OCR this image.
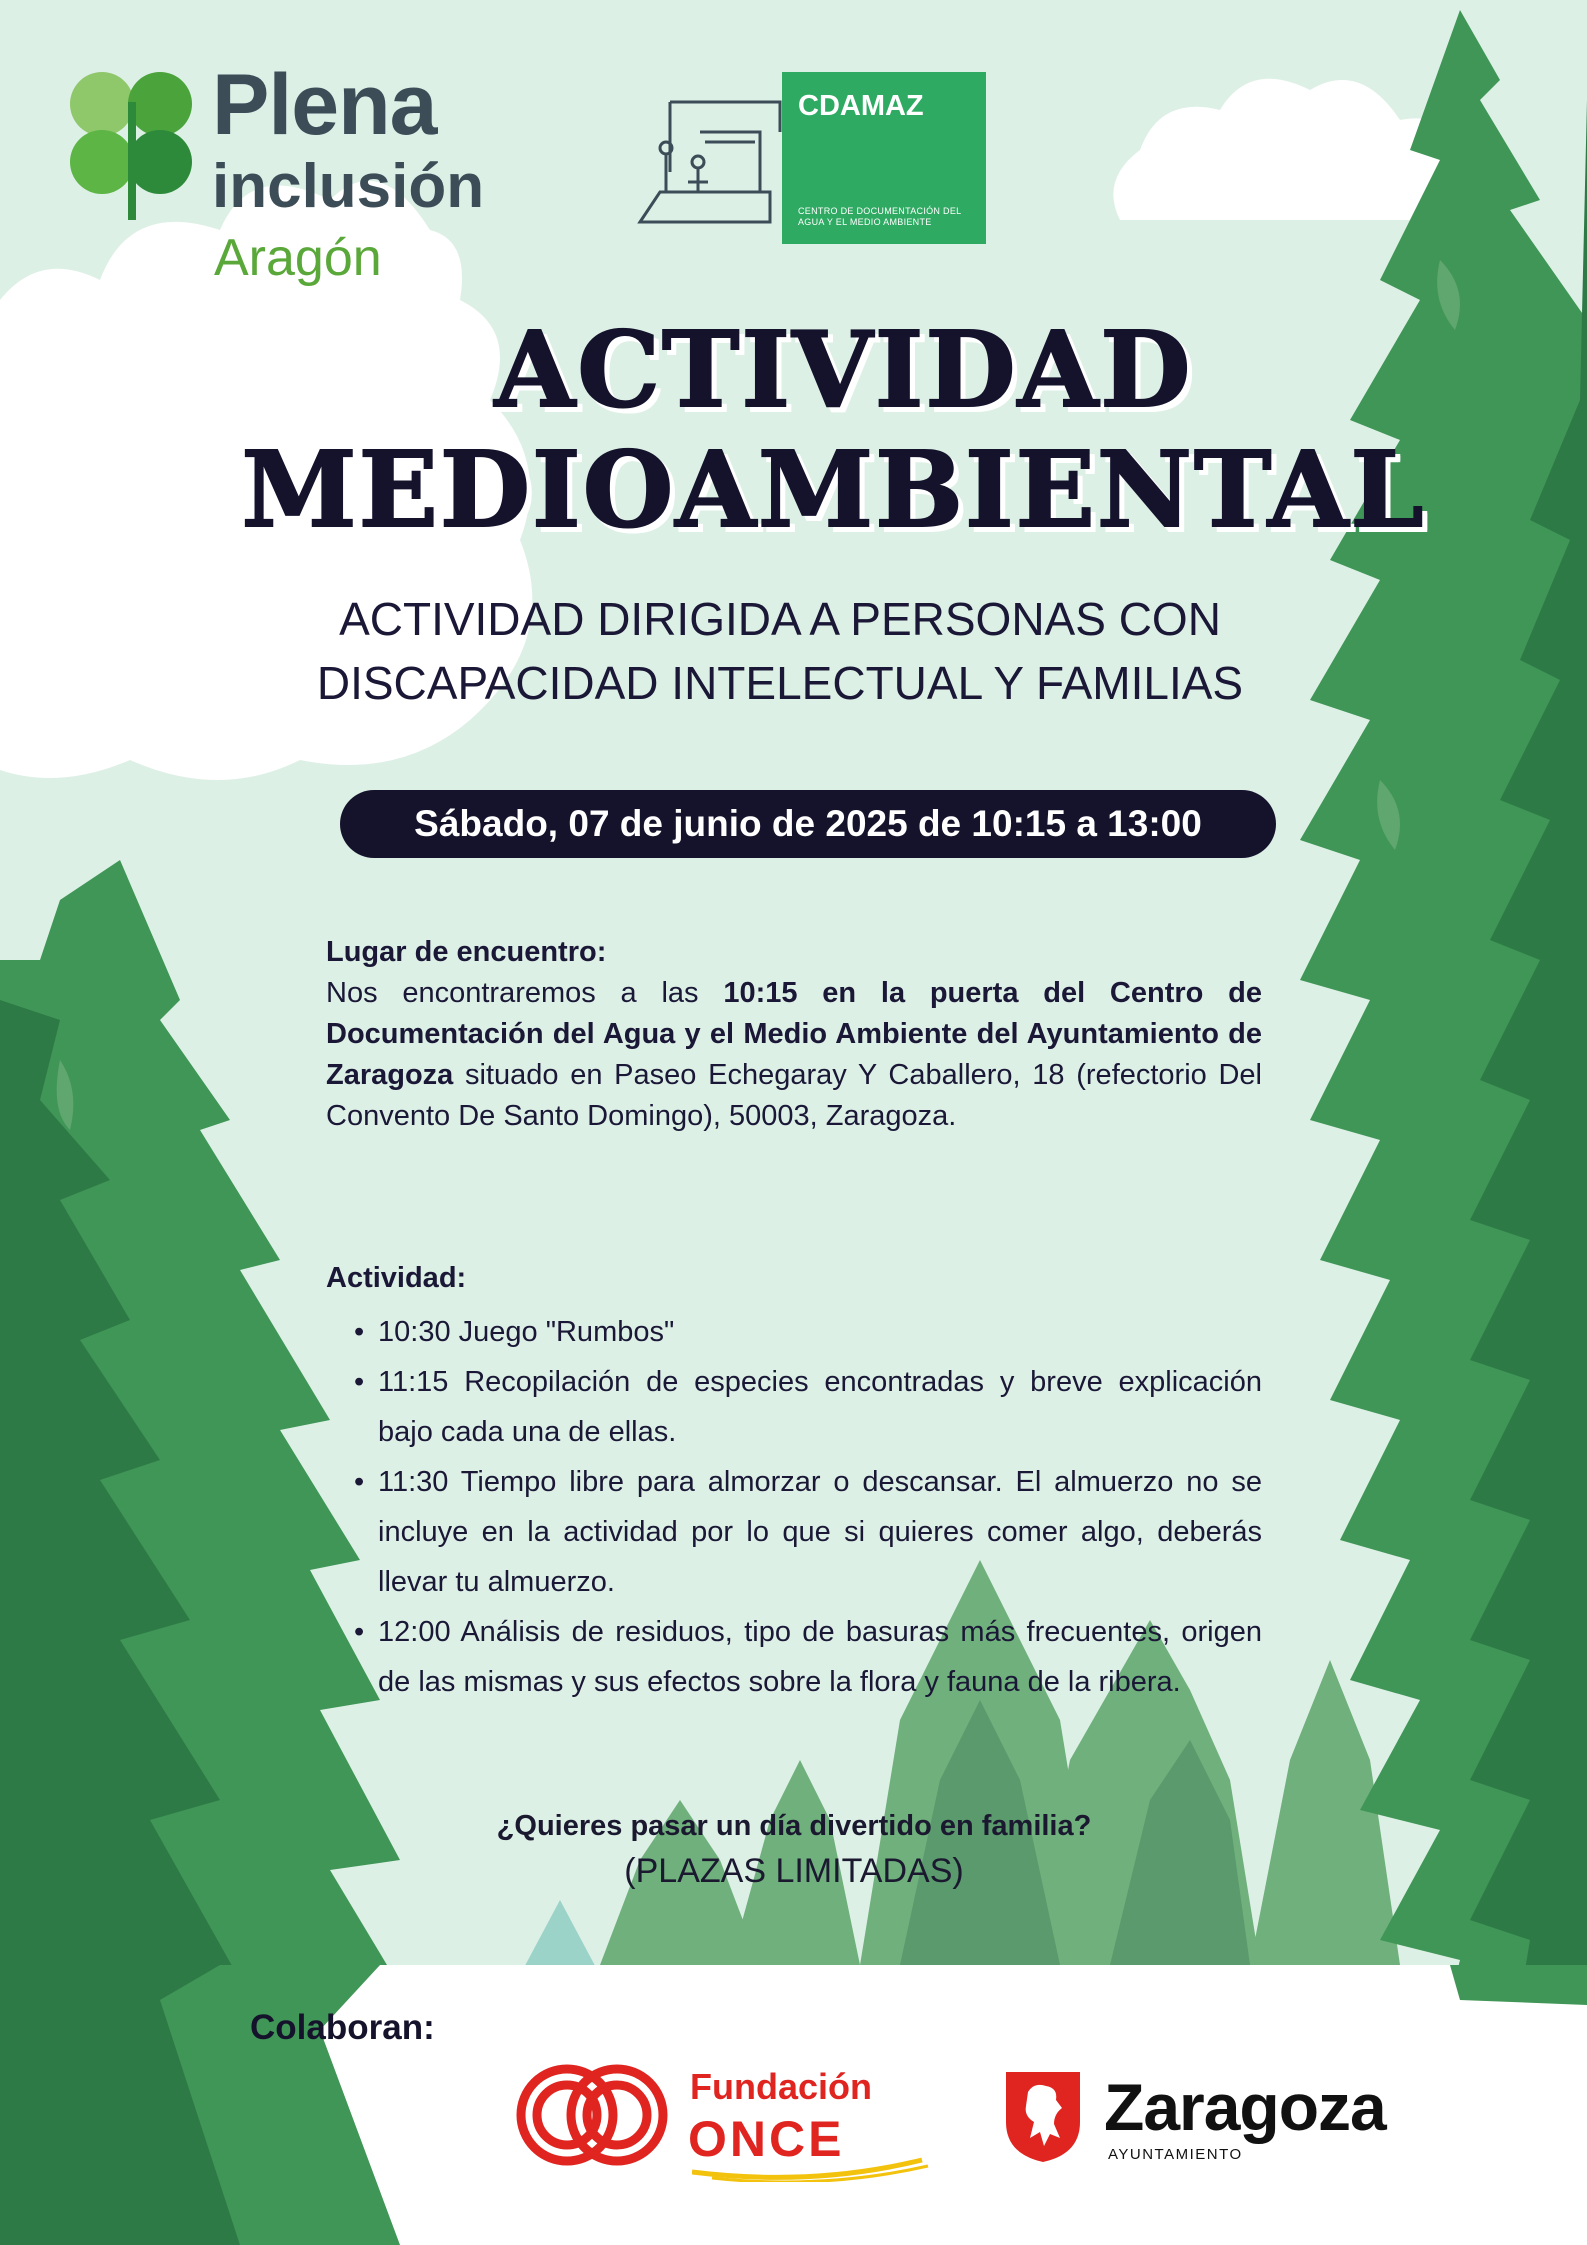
Plena
inclusión
Aragón
CDAMAZ
CENTRO DE DOCUMENTACIÓN DEL AGUA Y EL MEDIO AMBIENTE
ACTIVIDAD
MEDIOAMBIENTAL
ACTIVIDAD DIRIGIDA A PERSONAS CON
DISCAPACIDAD INTELECTUAL Y FAMILIAS
Sábado, 07 de junio de 2025 de 10:15 a 13:00
Lugar de encuentro:
Nos encontraremos a las 10:15 en la puerta del Centro de Documentación del Agua y el Medio Ambiente del Ayuntamiento de Zaragoza situado en Paseo Echegaray Y Caballero, 18 (refectorio Del Convento De Santo Domingo), 50003, Zaragoza.
Actividad:
• 10:30 Juego "Rumbos"
• 11:15 Recopilación de especies encontradas y breve explicación bajo cada una de ellas.
• 11:30 Tiempo libre para almorzar o descansar. El almuerzo no se incluye en la actividad por lo que si quieres comer algo, deberás llevar tu almuerzo.
• 12:00 Análisis de residuos, tipo de basuras más frecuentes, origen de las mismas y sus efectos sobre la flora y fauna de la ribera.
¿Quieres pasar un día divertido en familia?
(PLAZAS LIMITADAS)
Colaboran:
Fundación
ONCE	Zaragoza
AYUNTAMIENTO
